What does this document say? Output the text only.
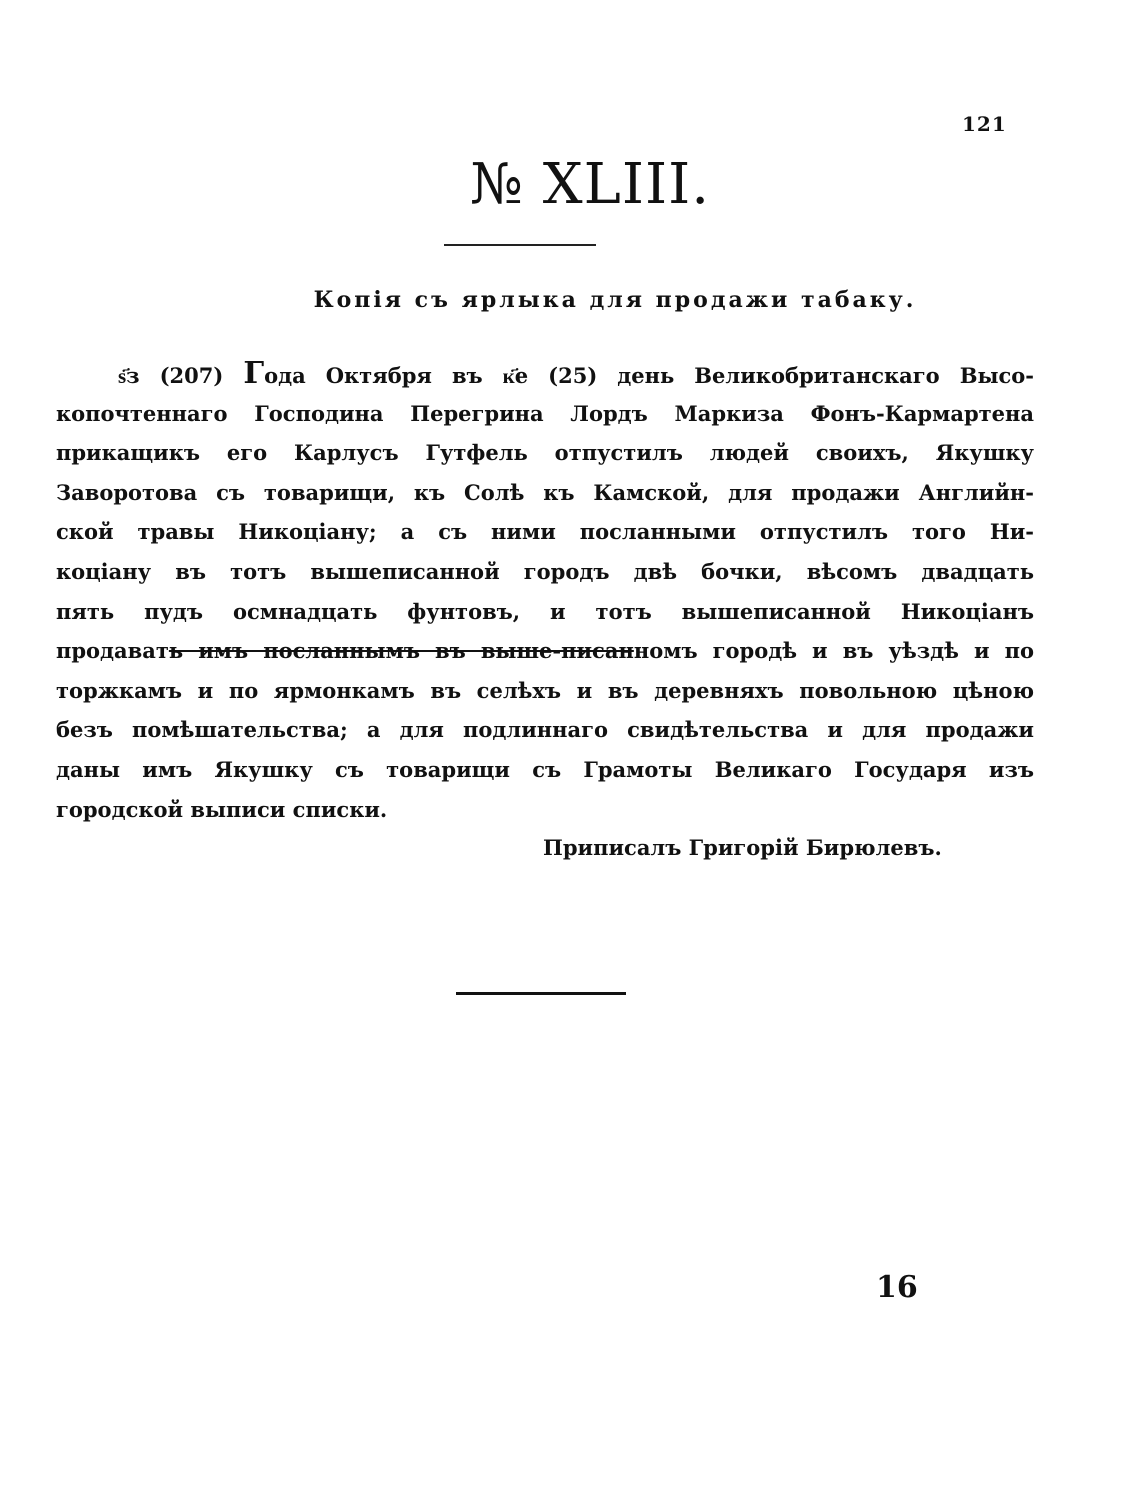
121
№ XLIII.
Копія съ ярлыка для продажи табаку.
ѕ҃з (207) Года Октября въ к҃е (25) день Великобританскаго Высо-
копочтеннаго Господина Перегрина Лордъ Маркиза Фонъ-Кармартена
прикащикъ его Карлусъ Гутфель отпустилъ людей своихъ, Якушку
Заворотова съ товарищи, къ Солѣ къ Камской, для продажи Английн-
ской травы Никоціану; а съ ними посланными отпустилъ того Ни-
коціану въ тотъ вышеписанной городъ двѣ бочки, вѣсомъ двадцать
пять пудъ осмнадцать фунтовъ, и тотъ вышеписанной Никоціанъ
продавать имъ посланнымъ въ выше-писанномъ городѣ и въ уѣздѣ и по
торжкамъ и по ярмонкамъ въ селѣхъ и въ деревняхъ повольною цѣною
безъ помѣшательства; а для подлиннаго свидѣтельства и для продажи
даны имъ Якушку съ товарищи съ Грамоты Великаго Государя изъ
городской выписи списки.
Приписалъ Григорій Бирюлевъ.
16
